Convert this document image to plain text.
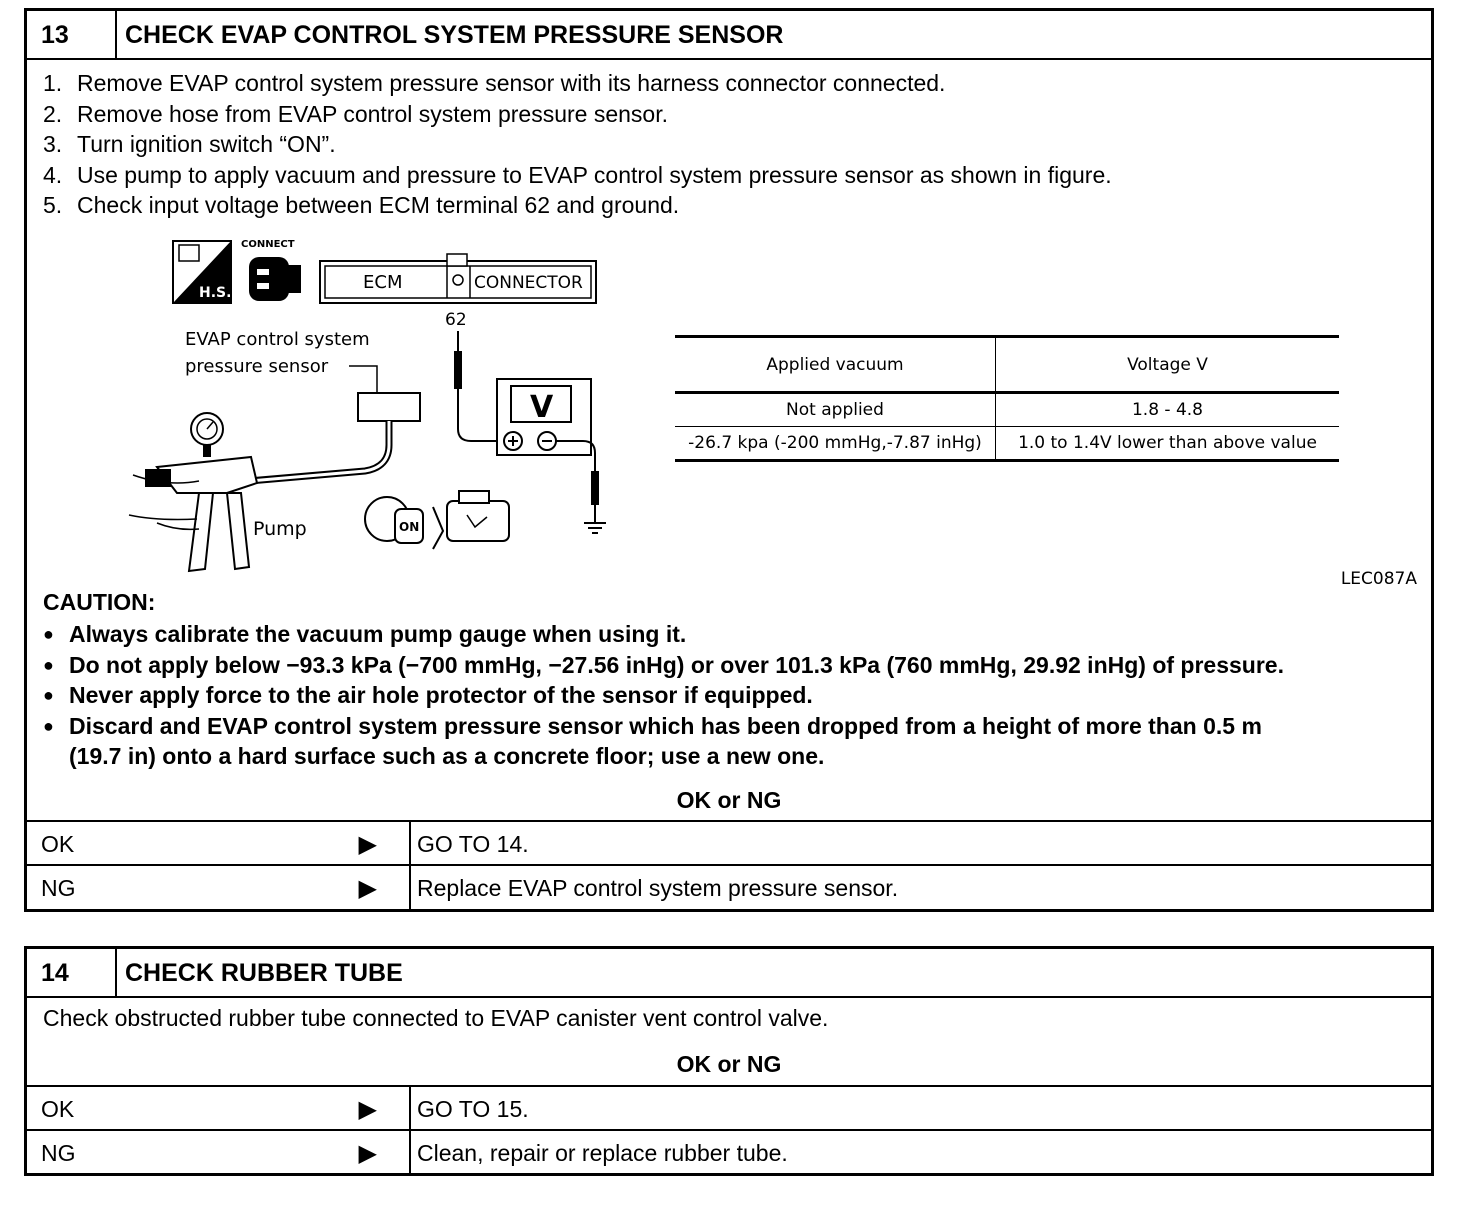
13	CHECK EVAP CONTROL SYSTEM PRESSURE SENSOR
1. Remove EVAP control system pressure sensor with its harness connector connected.
2. Remove hose from EVAP control system pressure sensor.
3. Turn ignition switch “ON”.
4. Use pump to apply vacuum and pressure to EVAP control system pressure sensor as shown in figure.
5. Check input voltage between ECM terminal 62 and ground.
H.S.
CONNECT
ECM	CONNECTOR
62
V
EVAP control system
pressure sensor
Pump	ON
Applied vacuum	Voltage V
Not applied	1.8 - 4.8
-26.7 kpa (-200 mmHg,-7.87 inHg)	1.0 to 1.4V lower than above value
LEC087A
CAUTION:
● Always calibrate the vacuum pump gauge when using it.
● Do not apply below −93.3 kPa (−700 mmHg, −27.56 inHg) or over 101.3 kPa (760 mmHg, 29.92 inHg) of pressure.
● Never apply force to the air hole protector of the sensor if equipped.
● Discard and EVAP control system pressure sensor which has been dropped from a height of more than 0.5 m
(19.7 in) onto a hard surface such as a concrete floor; use a new one.
OK or NG
OK	▶ GO TO 14.
NG	▶ Replace EVAP control system pressure sensor.
14	CHECK RUBBER TUBE
Check obstructed rubber tube connected to EVAP canister vent control valve.
OK or NG
OK	▶ GO TO 15.
NG	▶ Clean, repair or replace rubber tube.
